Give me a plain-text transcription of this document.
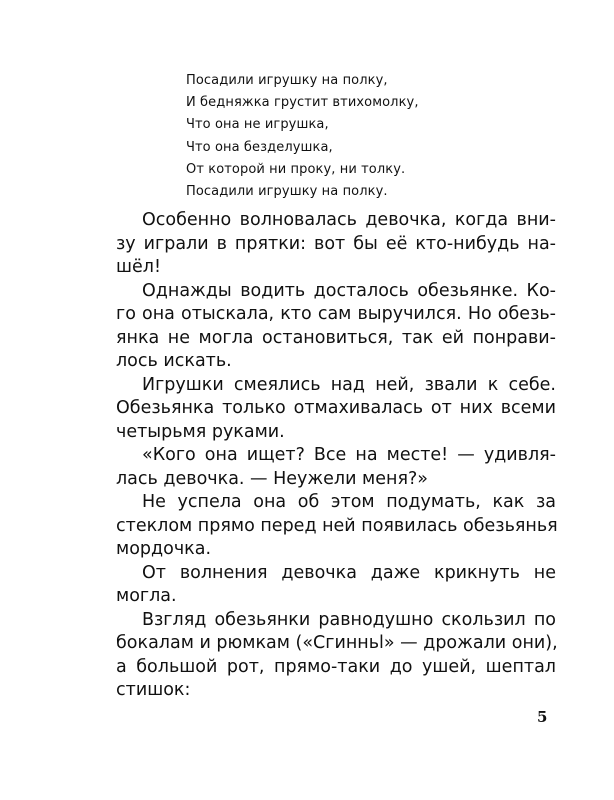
Посадили игрушку на полку,
И бедняжка грустит втихомолку,
Что она не игрушка,
Что она безделушка,
От которой ни проку, ни толку.
Посадили игрушку на полку.
Особенно волновалась девочка, когда вни-
зу играли в прятки: вот бы её кто-нибудь на-
шёл!
Однажды водить досталось обезьянке. Ко-
го она отыскала, кто сам выручился. Но обезь-
янка не могла остановиться, так ей понрави-
лось искать.
Игрушки смеялись над ней, звали к себе.
Обезьянка только отмахивалась от них всеми
четырьмя руками.
«Кого она ищет? Все на месте! — удивля-
лась девочка. — Неужели меня?»
Не успела она об этом подумать, как за
стеклом прямо перед ней появилась обезьянья
мордочка.
От волнения девочка даже крикнуть не
могла.
Взгляд обезьянки равнодушно скользил по
бокалам и рюмкам («Сгинньl» — дрожали они),
а большой рот, прямо-таки до ушей, шептал
стишок:
5
